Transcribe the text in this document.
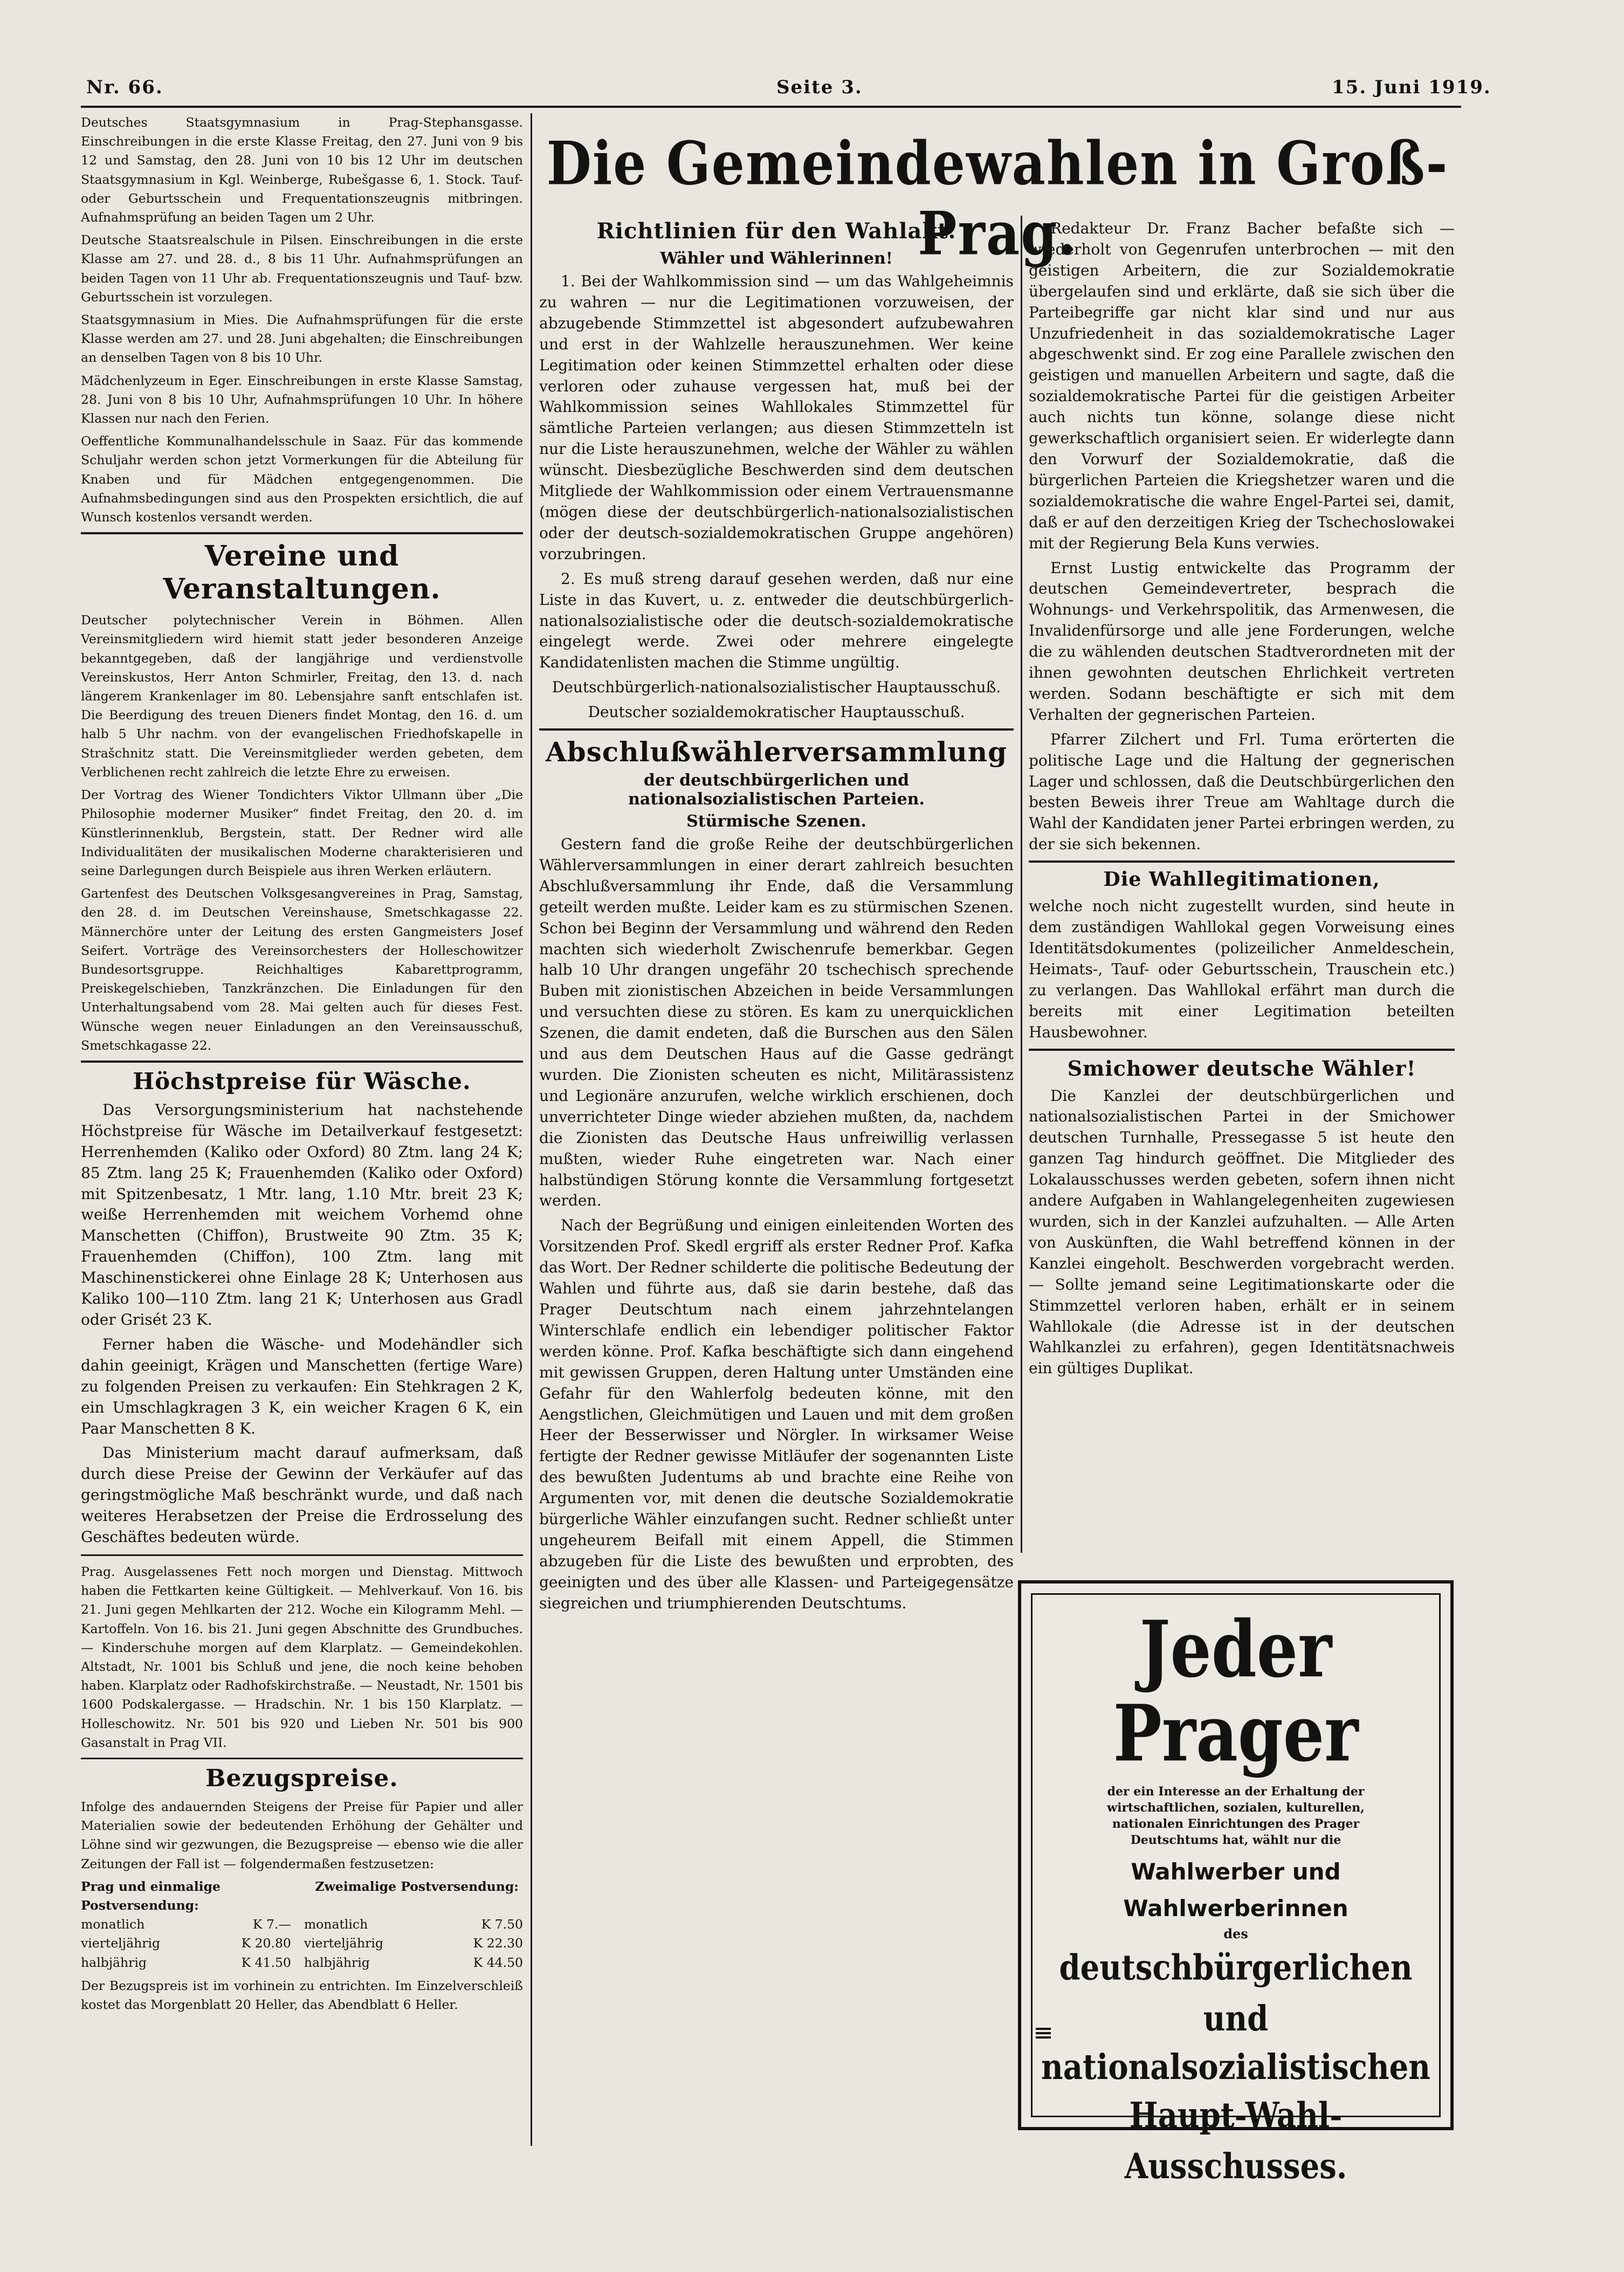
Nr. 66.	Seite 3.	15. Juni 1919.

Deutsches Staatsgymnasium in Prag-Stephansgasse. Einschreibungen in die erste Klasse Freitag, den 27. Juni von 9 bis 12 und Samstag, den 28. Juni von 10 bis 12 Uhr im deutschen Staatsgymnasium in Kgl. Weinberge, Rubešgasse 6, 1. Stock. Tauf- oder Geburtsschein und Frequentationszeugnis mitbringen. Aufnahmsprüfung an beiden Tagen um 2 Uhr.

Deutsche Staatsrealschule in Pilsen. Einschreibungen in die erste Klasse am 27. und 28. d., 8 bis 11 Uhr. Aufnahmsprüfungen an beiden Tagen von 11 Uhr ab. Frequentationszeugnis und Tauf- bzw. Geburtsschein ist vorzulegen.

Staatsgymnasium in Mies. Die Aufnahmsprüfungen für die erste Klasse werden am 27. und 28. Juni abgehalten; die Einschreibungen an denselben Tagen von 8 bis 10 Uhr.

Mädchenlyzeum in Eger. Einschreibungen in erste Klasse Samstag, 28. Juni von 8 bis 10 Uhr, Aufnahmsprüfungen 10 Uhr. In höhere Klassen nur nach den Ferien.

Oeffentliche Kommunalhandelsschule in Saaz. Für das kommende Schuljahr werden schon jetzt Vormerkungen für die Abteilung für Knaben und für Mädchen entgegengenommen. Die Aufnahmsbedingungen sind aus den Prospekten ersichtlich, die auf Wunsch kostenlos versandt werden.

Vereine und Veranstaltungen.

Deutscher polytechnischer Verein in Böhmen. Allen Vereinsmitgliedern wird hiemit statt jeder besonderen Anzeige bekanntgegeben, daß der langjährige und verdienstvolle Vereinskustos, Herr Anton Schmirler, Freitag, den 13. d. nach längerem Krankenlager im 80. Lebensjahre sanft entschlafen ist. Die Beerdigung des treuen Dieners findet Montag, den 16. d. um halb 5 Uhr nachm. von der evangelischen Friedhofskapelle in Strašchnitz statt. Die Vereinsmitglieder werden gebeten, dem Verblichenen recht zahlreich die letzte Ehre zu erweisen.

Der Vortrag des Wiener Tondichters Viktor Ullmann über „Die Philosophie moderner Musiker“ findet Freitag, den 20. d. im Künstlerinnenklub, Bergstein, statt. Der Redner wird alle Individualitäten der musikalischen Moderne charakterisieren und seine Darlegungen durch Beispiele aus ihren Werken erläutern.

Gartenfest des Deutschen Volksgesangvereines in Prag, Samstag, den 28. d. im Deutschen Vereinshause, Smetschkagasse 22. Männerchöre unter der Leitung des ersten Gangmeisters Josef Seifert. Vorträge des Vereinsorchesters der Holleschowitzer Bundesortsgruppe. Reichhaltiges Kabarettprogramm, Preiskegelschieben, Tanzkränzchen. Die Einladungen für den Unterhaltungsabend vom 28. Mai gelten auch für dieses Fest. Wünsche wegen neuer Einladungen an den Vereinsausschuß, Smetschkagasse 22.

Höchstpreise für Wäsche.

Das Versorgungsministerium hat nachstehende Höchstpreise für Wäsche im Detailverkauf festgesetzt: Herrenhemden (Kaliko oder Oxford) 80 Ztm. lang 24 K; 85 Ztm. lang 25 K; Frauenhemden (Kaliko oder Oxford) mit Spitzenbesatz, 1 Mtr. lang, 1.10 Mtr. breit 23 K; weiße Herrenhemden mit weichem Vorhemd ohne Manschetten (Chiffon), Brustweite 90 Ztm. 35 K; Frauenhemden (Chiffon), 100 Ztm. lang mit Maschinenstickerei ohne Einlage 28 K; Unterhosen aus Kaliko 100—110 Ztm. lang 21 K; Unterhosen aus Gradl oder Grisét 23 K.

Ferner haben die Wäsche- und Modehändler sich dahin geeinigt, Krägen und Manschetten (fertige Ware) zu folgenden Preisen zu verkaufen: Ein Stehkragen 2 K, ein Umschlagkragen 3 K, ein weicher Kragen 6 K, ein Paar Manschetten 8 K.

Das Ministerium macht darauf aufmerksam, daß durch diese Preise der Gewinn der Verkäufer auf das geringstmögliche Maß beschränkt wurde, und daß nach weiteres Herabsetzen der Preise die Erdrosselung des Geschäftes bedeuten würde.

Prag. Ausgelassenes Fett noch morgen und Dienstag. Mittwoch haben die Fettkarten keine Gültigkeit. — Mehlverkauf. Von 16. bis 21. Juni gegen Mehlkarten der 212. Woche ein Kilogramm Mehl. — Kartoffeln. Von 16. bis 21. Juni gegen Abschnitte des Grundbuches. — Kinderschuhe morgen auf dem Klarplatz. — Gemeindekohlen. Altstadt, Nr. 1001 bis Schluß und jene, die noch keine behoben haben. Klarplatz oder Radhofskirchstraße. — Neustadt, Nr. 1501 bis 1600 Podskalergasse. — Hradschin. Nr. 1 bis 150 Klarplatz. — Holleschowitz. Nr. 501 bis 920 und Lieben Nr. 501 bis 900 Gasanstalt in Prag VII.

Bezugspreise.

Infolge des andauernden Steigens der Preise für Papier und aller Materialien sowie der bedeutenden Erhöhung der Gehälter und Löhne sind wir gezwungen, die Bezugspreise — ebenso wie die aller Zeitungen der Fall ist — folgendermaßen festzusetzen:

Prag und einmalige Postversendung:
Zweimalige Postversendung:
monatlich	K 7.—	monatlich	K 7.50
vierteljährig	K 20.80	vierteljährig	K 22.30
halbjährig	K 41.50	halbjährig	K 44.50

Der Bezugspreis ist im vorhinein zu entrichten. Im Einzelverschleiß kostet das Morgenblatt 20 Heller, das Abendblatt 6 Heller.

Die Gemeindewahlen in Groß-Prag.
Richtlinien für den Wahlakt.
Wähler und Wählerinnen!

1. Bei der Wahlkommission sind — um das Wahlgeheimnis zu wahren — nur die Legitimationen vorzuweisen, der abzugebende Stimmzettel ist abgesondert aufzubewahren und erst in der Wahlzelle herauszunehmen. Wer keine Legitimation oder keinen Stimmzettel erhalten oder diese verloren oder zuhause vergessen hat, muß bei der Wahlkommission seines Wahllokales Stimmzettel für sämtliche Parteien verlangen; aus diesen Stimmzetteln ist nur die Liste herauszunehmen, welche der Wähler zu wählen wünscht. Diesbezügliche Beschwerden sind dem deutschen Mitgliede der Wahlkommission oder einem Vertrauensmanne (mögen diese der deutschbürgerlich-nationalsozialistischen oder der deutsch-sozialdemokratischen Gruppe angehören) vorzubringen.

2. Es muß streng darauf gesehen werden, daß nur eine Liste in das Kuvert, u. z. entweder die deutschbürgerlich-nationalsozialistische oder die deutsch-sozialdemokratische eingelegt werde. Zwei oder mehrere eingelegte Kandidatenlisten machen die Stimme ungültig.

Deutschbürgerlich-nationalsozialistischer Hauptausschuß.

Deutscher sozialdemokratischer Hauptausschuß.

Abschlußwählerversammlung
der deutschbürgerlichen und nationalsozialistischen Parteien.
Stürmische Szenen.

Gestern fand die große Reihe der deutschbürgerlichen Wählerversammlungen in einer derart zahlreich besuchten Abschlußversammlung ihr Ende, daß die Versammlung geteilt werden mußte. Leider kam es zu stürmischen Szenen. Schon bei Beginn der Versammlung und während den Reden machten sich wiederholt Zwischenrufe bemerkbar. Gegen halb 10 Uhr drangen ungefähr 20 tschechisch sprechende Buben mit zionistischen Abzeichen in beide Versammlungen und versuchten diese zu stören. Es kam zu unerquicklichen Szenen, die damit endeten, daß die Burschen aus den Sälen und aus dem Deutschen Haus auf die Gasse gedrängt wurden. Die Zionisten scheuten es nicht, Militärassistenz und Legionäre anzurufen, welche wirklich erschienen, doch unverrichteter Dinge wieder abziehen mußten, da, nachdem die Zionisten das Deutsche Haus unfreiwillig verlassen mußten, wieder Ruhe eingetreten war. Nach einer halbstündigen Störung konnte die Versammlung fortgesetzt werden.

Nach der Begrüßung und einigen einleitenden Worten des Vorsitzenden Prof. Skedl ergriff als erster Redner Prof. Kafka das Wort. Der Redner schilderte die politische Bedeutung der Wahlen und führte aus, daß sie darin bestehe, daß das Prager Deutschtum nach einem jahrzehntelangen Winterschlafe endlich ein lebendiger politischer Faktor werden könne. Prof. Kafka beschäftigte sich dann eingehend mit gewissen Gruppen, deren Haltung unter Umständen eine Gefahr für den Wahlerfolg bedeuten könne, mit den Aengstlichen, Gleichmütigen und Lauen und mit dem großen Heer der Besserwisser und Nörgler. In wirksamer Weise fertigte der Redner gewisse Mitläufer der sogenannten Liste des bewußten Judentums ab und brachte eine Reihe von Argumenten vor, mit denen die deutsche Sozialdemokratie bürgerliche Wähler einzufangen sucht. Redner schließt unter ungeheurem Beifall mit einem Appell, die Stimmen abzugeben für die Liste des bewußten und erprobten, des geeinigten und des über alle Klassen- und Parteigegensätze siegreichen und triumphierenden Deutschtums.

Redakteur Dr. Franz Bacher befaßte sich — wiederholt von Gegenrufen unterbrochen — mit den geistigen Arbeitern, die zur Sozialdemokratie übergelaufen sind und erklärte, daß sie sich über die Parteibegriffe gar nicht klar sind und nur aus Unzufriedenheit in das sozialdemokratische Lager abgeschwenkt sind. Er zog eine Parallele zwischen den geistigen und manuellen Arbeitern und sagte, daß die sozialdemokratische Partei für die geistigen Arbeiter auch nichts tun könne, solange diese nicht gewerkschaftlich organisiert seien. Er widerlegte dann den Vorwurf der Sozialdemokratie, daß die bürgerlichen Parteien die Kriegshetzer waren und die sozialdemokratische die wahre Engel-Partei sei, damit, daß er auf den derzeitigen Krieg der Tschechoslowakei mit der Regierung Bela Kuns verwies.

Ernst Lustig entwickelte das Programm der deutschen Gemeindevertreter, besprach die Wohnungs- und Verkehrspolitik, das Armenwesen, die Invalidenfürsorge und alle jene Forderungen, welche die zu wählenden deutschen Stadtverordneten mit der ihnen gewohnten deutschen Ehrlichkeit vertreten werden. Sodann beschäftigte er sich mit dem Verhalten der gegnerischen Parteien.

Pfarrer Zilchert und Frl. Tuma erörterten die politische Lage und die Haltung der gegnerischen Lager und schlossen, daß die Deutschbürgerlichen den besten Beweis ihrer Treue am Wahltage durch die Wahl der Kandidaten jener Partei erbringen werden, zu der sie sich bekennen.

Die Wahllegitimationen,

welche noch nicht zugestellt wurden, sind heute in dem zuständigen Wahllokal gegen Vorweisung eines Identitätsdokumentes (polizeilicher Anmeldeschein, Heimats-, Tauf- oder Geburtsschein, Trauschein etc.) zu verlangen. Das Wahllokal erfährt man durch die bereits mit einer Legitimation beteilten Hausbewohner.

Smichower deutsche Wähler!

Die Kanzlei der deutschbürgerlichen und nationalsozialistischen Partei in der Smichower deutschen Turnhalle, Pressegasse 5 ist heute den ganzen Tag hindurch geöffnet. Die Mitglieder des Lokalausschusses werden gebeten, sofern ihnen nicht andere Aufgaben in Wahlangelegenheiten zugewiesen wurden, sich in der Kanzlei aufzuhalten. — Alle Arten von Auskünften, die Wahl betreffend können in der Kanzlei eingeholt. Beschwerden vorgebracht werden. — Sollte jemand seine Legitimationskarte oder die Stimmzettel verloren haben, erhält er in seinem Wahllokale (die Adresse ist in der deutschen Wahlkanzlei zu erfahren), gegen Identitätsnachweis ein gültiges Duplikat.

Jeder Prager
der ein Interesse an der Erhaltung der wirtschaftlichen, sozialen, kulturellen, nationalen Einrichtungen des Prager Deutschtums hat, wählt nur die
Wahlwerber und
Wahlwerberinnen
des
deutschbürgerlichen und
nationalsozialistischen
Haupt-Wahl-Ausschusses.
